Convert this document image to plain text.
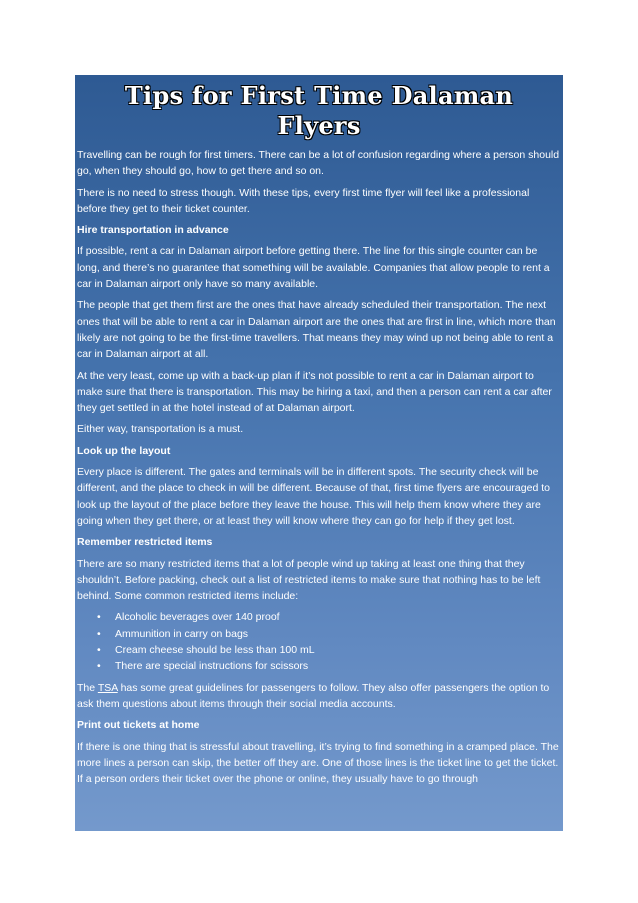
Tips for First Time Dalaman
Flyers

Travelling can be rough for first timers. There can be a lot of confusion regarding where a person should go, when they should go, how to get there and so on.

There is no need to stress though. With these tips, every first time flyer will feel like a professional before they get to their ticket counter.

Hire transportation in advance

If possible, rent a car in Dalaman airport before getting there. The line for this single counter can be long, and there’s no guarantee that something will be available. Companies that allow people to rent a car in Dalaman airport only have so many available.

The people that get them first are the ones that have already scheduled their transportation. The next ones that will be able to rent a car in Dalaman airport are the ones that are first in line, which more than likely are not going to be the first-time travellers. That means they may wind up not being able to rent a car in Dalaman airport at all.

At the very least, come up with a back-up plan if it’s not possible to rent a car in Dalaman airport to make sure that there is transportation. This may be hiring a taxi, and then a person can rent a car after they get settled in at the hotel instead of at Dalaman airport.

Either way, transportation is a must.

Look up the layout

Every place is different. The gates and terminals will be in different spots. The security check will be different, and the place to check in will be different. Because of that, first time flyers are encouraged to look up the layout of the place before they leave the house. This will help them know where they are going when they get there, or at least they will know where they can go for help if they get lost.

Remember restricted items

There are so many restricted items that a lot of people wind up taking at least one thing that they shouldn’t. Before packing, check out a list of restricted items to make sure that nothing has to be left behind. Some common restricted items include:

• Alcoholic beverages over 140 proof
• Ammunition in carry on bags
• Cream cheese should be less than 100 mL
• There are special instructions for scissors

The TSA has some great guidelines for passengers to follow. They also offer passengers the option to ask them questions about items through their social media accounts.

Print out tickets at home

If there is one thing that is stressful about travelling, it’s trying to find something in a cramped place. The more lines a person can skip, the better off they are. One of those lines is the ticket line to get the ticket. If a person orders their ticket over the phone or online, they usually have to go through
